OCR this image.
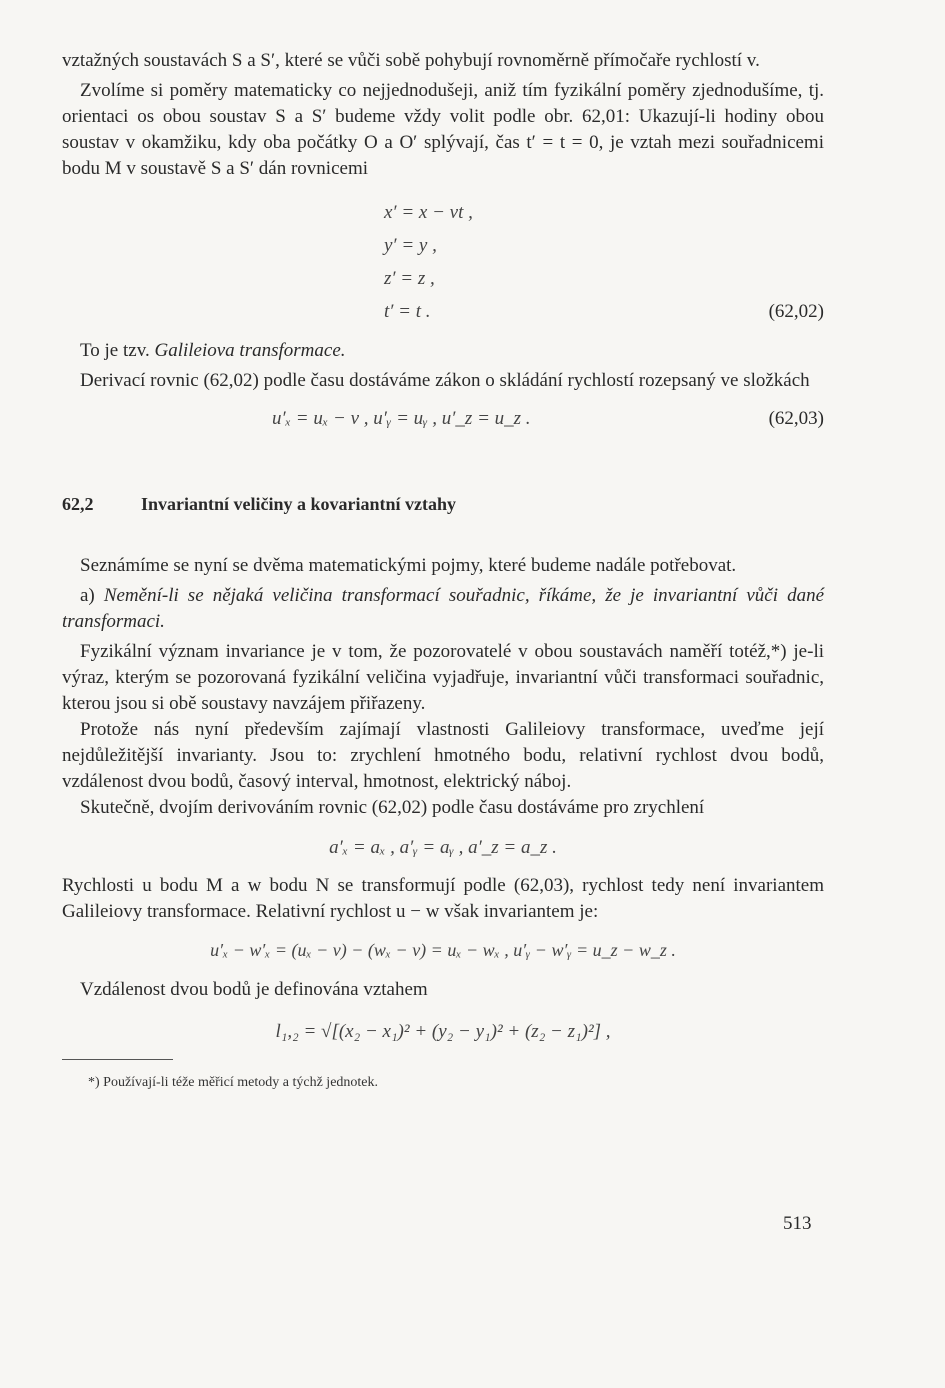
vztažných soustavách S a S′, které se vůči sobě pohybují rovnoměrně přímočaře rychlostí v.

Zvolíme si poměry matematicky co nejjednodušeji, aniž tím fyzikální poměry zjednodušíme, tj. orientaci os obou soustav S a S′ budeme vždy volit podle obr. 62,01: Ukazují-li hodiny obou soustav v okamžiku, kdy oba počátky O a O′ splývají, čas t′ = t = 0, je vztah mezi souřadnicemi bodu M v soustavě S a S′ dán rovnicemi

x′ = x − vt ,
y′ = y ,
z′ = z ,
t′ = t .	(62,02)

To je tzv. Galileiova transformace.

Derivací rovnic (62,02) podle času dostáváme zákon o skládání rychlostí rozepsaný ve složkách

u′ₓ = uₓ − v , u′ᵧ = uᵧ , u′_z = u_z .	(62,03)
62,2	Invariantní veličiny a kovariantní vztahy

Seznámíme se nyní se dvěma matematickými pojmy, které budeme nadále potřebovat.

a) Nemění-li se nějaká veličina transformací souřadnic, říkáme, že je invariantní vůči dané transformaci.

Fyzikální význam invariance je v tom, že pozorovatelé v obou soustavách naměří totéž,*) je-li výraz, kterým se pozorovaná fyzikální veličina vyjadřuje, invariantní vůči transformaci souřadnic, kterou jsou si obě soustavy navzájem přiřazeny.

Protože nás nyní především zajímají vlastnosti Galileiovy transformace, uveďme její nejdůležitější invarianty. Jsou to: zrychlení hmotného bodu, relativní rychlost dvou bodů, vzdálenost dvou bodů, časový interval, hmotnost, elektrický náboj.

Skutečně, dvojím derivováním rovnic (62,02) podle času dostáváme pro zrychlení

a′ₓ = aₓ , a′ᵧ = aᵧ , a′_z = a_z .

Rychlosti u bodu M a w bodu N se transformují podle (62,03), rychlost tedy není invariantem Galileiovy transformace. Relativní rychlost u − w však invariantem je:

u′ₓ − w′ₓ = (uₓ − v) − (wₓ − v) = uₓ − wₓ , u′ᵧ − w′ᵧ = u_z − w_z .

Vzdálenost dvou bodů je definována vztahem

l₁,₂ = √[(x₂ − x₁)² + (y₂ − y₁)² + (z₂ − z₁)²] ,
*) Používají-li téže měřicí metody a týchž jednotek.
513
